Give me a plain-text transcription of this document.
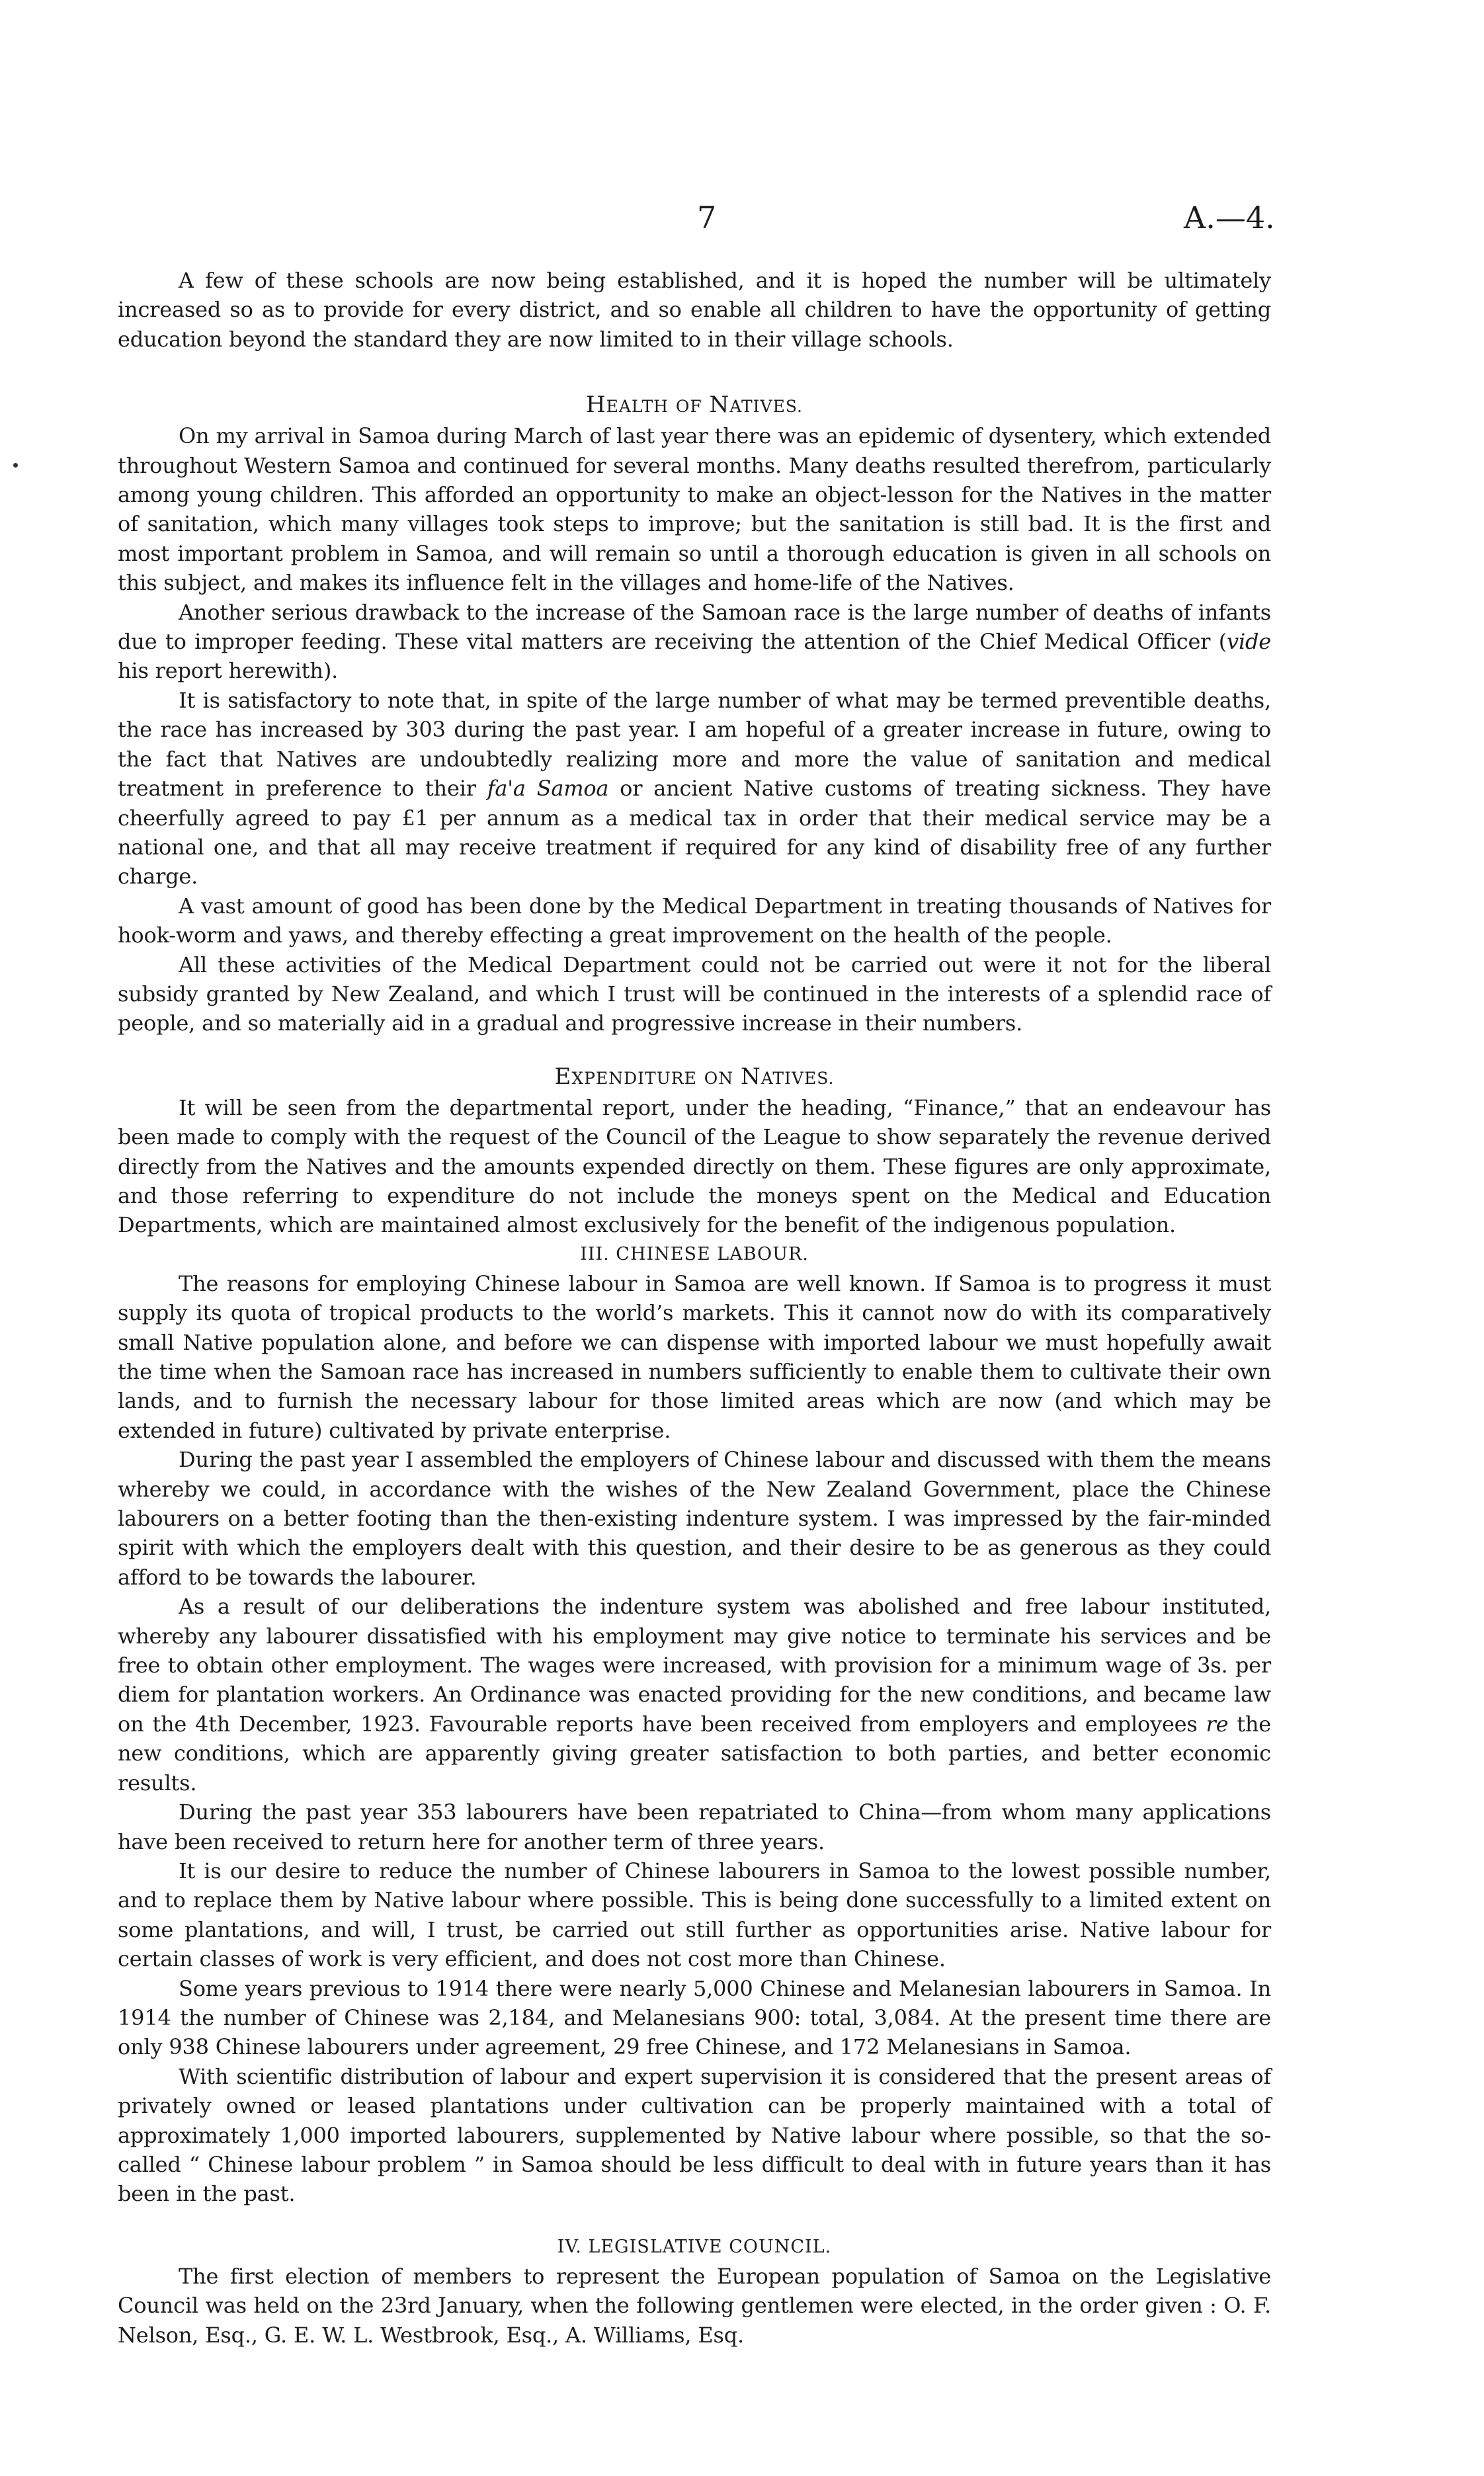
7	A.—4.

A few of these schools are now being established, and it is hoped the number will be ultimately increased so as to provide for every district, and so enable all children to have the opportunity of getting education beyond the standard they are now limited to in their village schools.

HEALTH OF NATIVES.

On my arrival in Samoa during March of last year there was an epidemic of dysentery, which extended throughout Western Samoa and continued for several months. Many deaths resulted therefrom, particularly among young children. This afforded an opportunity to make an object-lesson for the Natives in the matter of sanitation, which many villages took steps to improve; but the sanitation is still bad. It is the first and most important problem in Samoa, and will remain so until a thorough education is given in all schools on this subject, and makes its influence felt in the villages and home-life of the Natives.

Another serious drawback to the increase of the Samoan race is the large number of deaths of infants due to improper feeding. These vital matters are receiving the attention of the Chief Medical Officer (vide his report herewith).

It is satisfactory to note that, in spite of the large number of what may be termed preventible deaths, the race has increased by 303 during the past year. I am hopeful of a greater increase in future, owing to the fact that Natives are undoubtedly realizing more and more the value of sanitation and medical treatment in preference to their fa'a Samoa or ancient Native customs of treating sickness. They have cheerfully agreed to pay £1 per annum as a medical tax in order that their medical service may be a national one, and that all may receive treatment if required for any kind of disability free of any further charge.

A vast amount of good has been done by the Medical Department in treating thousands of Natives for hook-worm and yaws, and thereby effecting a great improvement on the health of the people.

All these activities of the Medical Department could not be carried out were it not for the liberal subsidy granted by New Zealand, and which I trust will be continued in the interests of a splendid race of people, and so materially aid in a gradual and progressive increase in their numbers.

EXPENDITURE ON NATIVES.

It will be seen from the departmental report, under the heading, “Finance,” that an endeavour has been made to comply with the request of the Council of the League to show separately the revenue derived directly from the Natives and the amounts expended directly on them. These figures are only approximate, and those referring to expenditure do not include the moneys spent on the Medical and Education Departments, which are maintained almost exclusively for the benefit of the indigenous population.

III. CHINESE LABOUR.

The reasons for employing Chinese labour in Samoa are well known. If Samoa is to progress it must supply its quota of tropical products to the world’s markets. This it cannot now do with its comparatively small Native population alone, and before we can dispense with imported labour we must hopefully await the time when the Samoan race has increased in numbers sufficiently to enable them to cultivate their own lands, and to furnish the necessary labour for those limited areas which are now (and which may be extended in future) cultivated by private enterprise.

During the past year I assembled the employers of Chinese labour and discussed with them the means whereby we could, in accordance with the wishes of the New Zealand Government, place the Chinese labourers on a better footing than the then-existing indenture system. I was impressed by the fair-minded spirit with which the employers dealt with this question, and their desire to be as generous as they could afford to be towards the labourer.

As a result of our deliberations the indenture system was abolished and free labour instituted, whereby any labourer dissatisfied with his employment may give notice to terminate his services and be free to obtain other employment. The wages were increased, with provision for a minimum wage of 3s. per diem for plantation workers. An Ordinance was enacted providing for the new conditions, and became law on the 4th December, 1923. Favourable reports have been received from employers and employees re the new conditions, which are apparently giving greater satisfaction to both parties, and better economic results.

During the past year 353 labourers have been repatriated to China—from whom many applications have been received to return here for another term of three years.

It is our desire to reduce the number of Chinese labourers in Samoa to the lowest possible number, and to replace them by Native labour where possible. This is being done successfully to a limited extent on some plantations, and will, I trust, be carried out still further as opportunities arise. Native labour for certain classes of work is very efficient, and does not cost more than Chinese.

Some years previous to 1914 there were nearly 5,000 Chinese and Melanesian labourers in Samoa. In 1914 the number of Chinese was 2,184, and Melanesians 900: total, 3,084. At the present time there are only 938 Chinese labourers under agreement, 29 free Chinese, and 172 Melanesians in Samoa.

With scientific distribution of labour and expert supervision it is considered that the present areas of privately owned or leased plantations under cultivation can be properly maintained with a total of approximately 1,000 imported labourers, supplemented by Native labour where possible, so that the so-called “ Chinese labour problem ” in Samoa should be less difficult to deal with in future years than it has been in the past.

IV. LEGISLATIVE COUNCIL.

The first election of members to represent the European population of Samoa on the Legislative Council was held on the 23rd January, when the following gentlemen were elected, in the order given : O. F. Nelson, Esq., G. E. W. L. Westbrook, Esq., A. Williams, Esq.
